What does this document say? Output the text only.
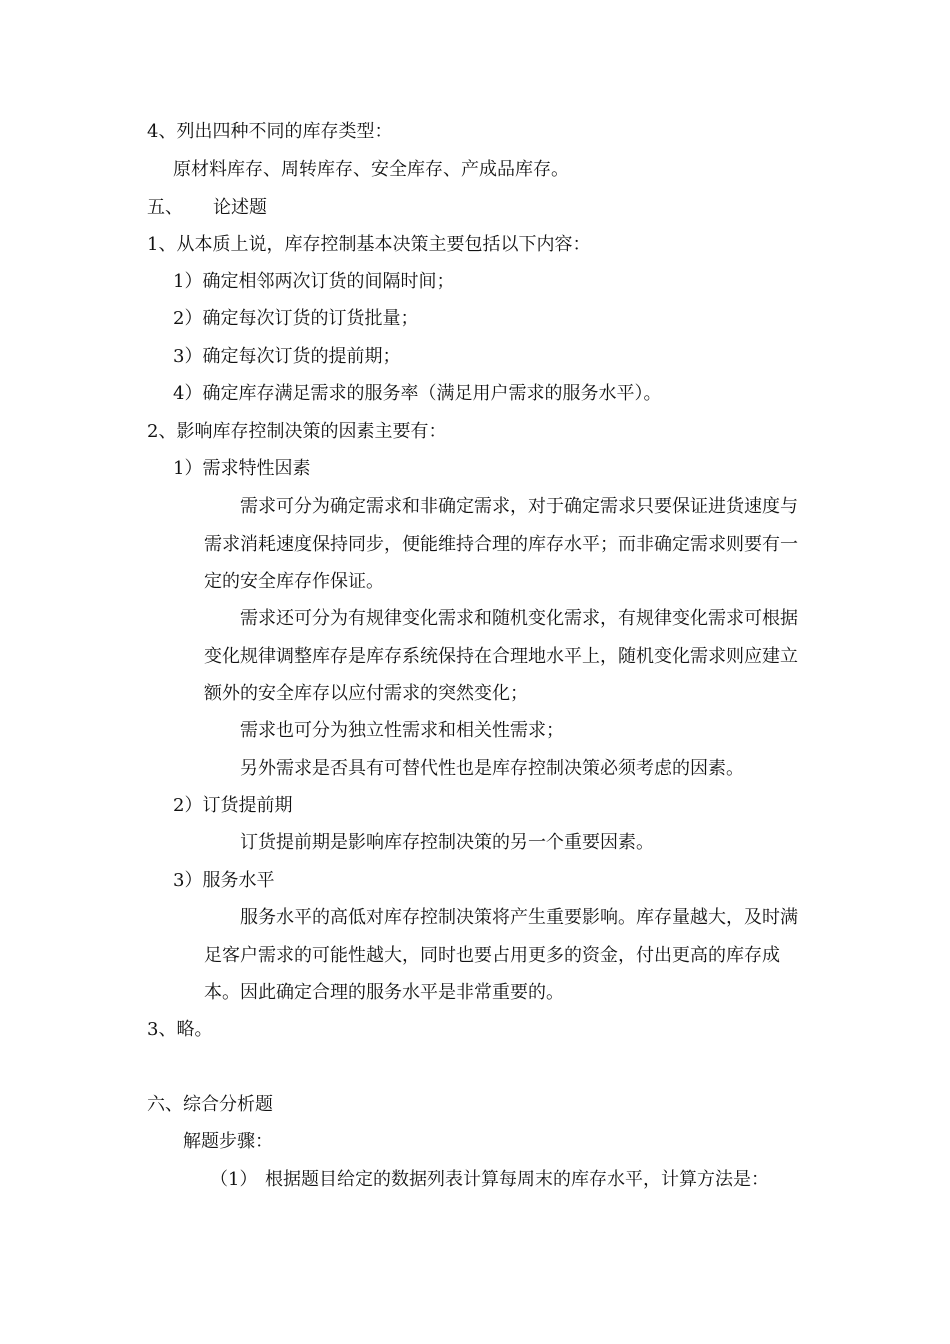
4、列出四种不同的库存类型：
原材料库存、周转库存、安全库存、产成品库存。
五、 论述题
1、从本质上说，库存控制基本决策主要包括以下内容：
1）确定相邻两次订货的间隔时间；
2）确定每次订货的订货批量；
3）确定每次订货的提前期；
4）确定库存满足需求的服务率（满足用户需求的服务水平）。
2、影响库存控制决策的因素主要有：
1）需求特性因素
需求可分为确定需求和非确定需求，对于确定需求只要保证进货速度与需求消耗速度保持同步，便能维持合理的库存水平；而非确定需求则要有一定的安全库存作保证。
需求还可分为有规律变化需求和随机变化需求，有规律变化需求可根据变化规律调整库存是库存系统保持在合理地水平上，随机变化需求则应建立额外的安全库存以应付需求的突然变化；
需求也可分为独立性需求和相关性需求；
另外需求是否具有可替代性也是库存控制决策必须考虑的因素。
2）订货提前期
订货提前期是影响库存控制决策的另一个重要因素。
3）服务水平
服务水平的高低对库存控制决策将产生重要影响。库存量越大，及时满足客户需求的可能性越大，同时也要占用更多的资金，付出更高的库存成本。因此确定合理的服务水平是非常重要的。
3、略。
六、综合分析题
解题步骤：
（1） 根据题目给定的数据列表计算每周末的库存水平，计算方法是：
